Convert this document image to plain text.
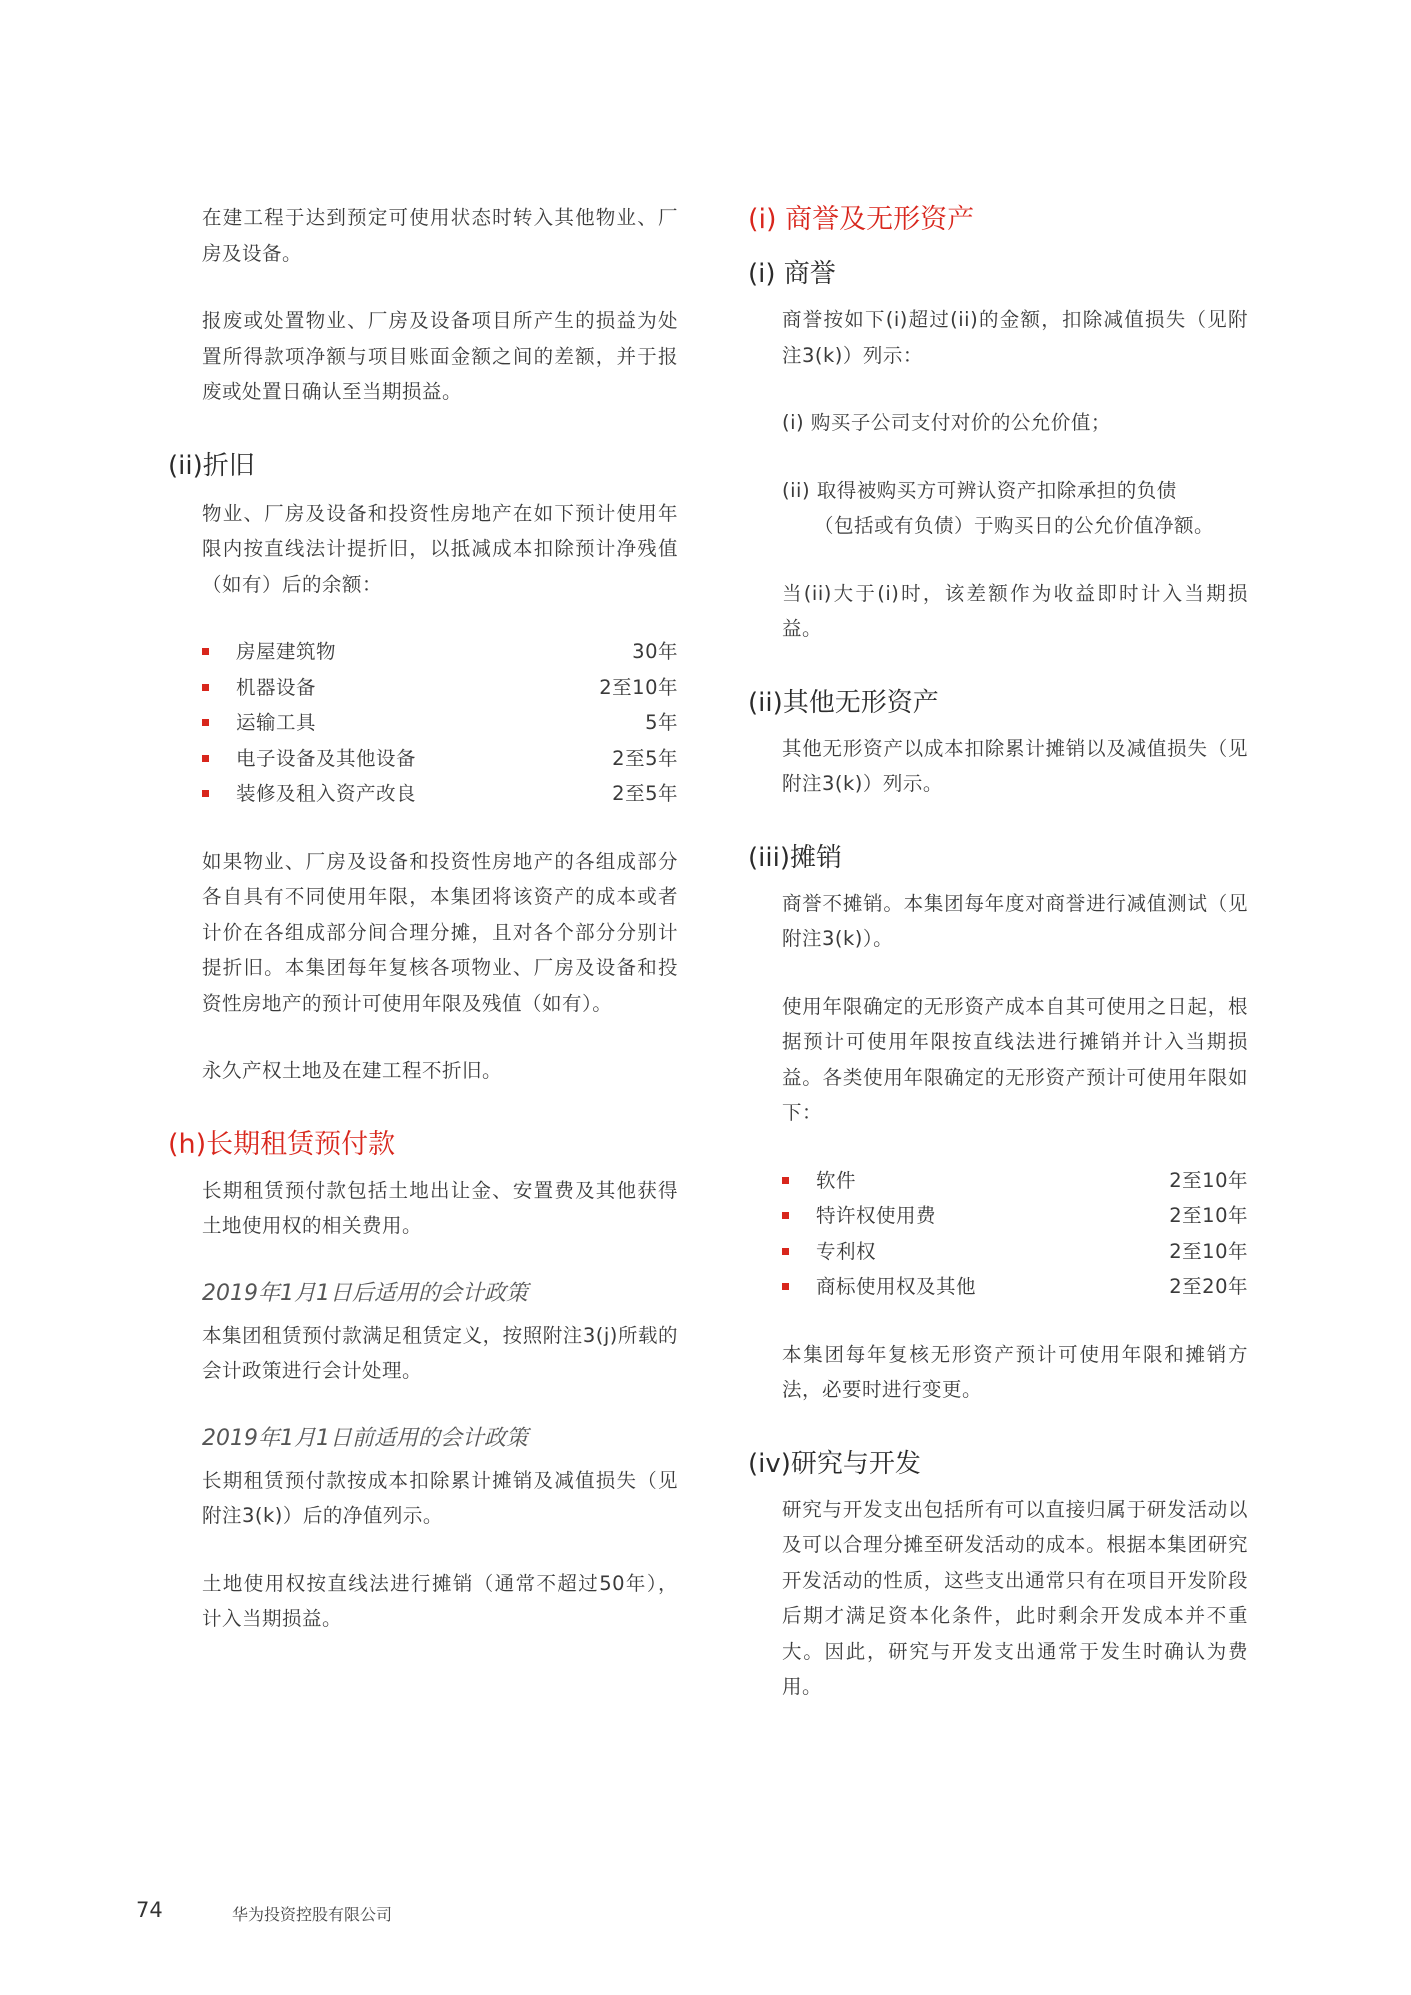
在建工程于达到预定可使用状态时转入其他物业、厂房及设备。

报废或处置物业、厂房及设备项目所产生的损益为处置所得款项净额与项目账面金额之间的差额，并于报废或处置日确认至当期损益。

(ii)折旧

物业、厂房及设备和投资性房地产在如下预计使用年限内按直线法计提折旧，以抵减成本扣除预计净残值（如有）后的余额：

房屋建筑物	30年
机器设备	2至10年
运输工具	5年
电子设备及其他设备	2至5年
装修及租入资产改良	2至5年

如果物业、厂房及设备和投资性房地产的各组成部分各自具有不同使用年限，本集团将该资产的成本或者计价在各组成部分间合理分摊，且对各个部分分别计提折旧。本集团每年复核各项物业、厂房及设备和投资性房地产的预计可使用年限及残值（如有）。

永久产权土地及在建工程不折旧。

(h)长期租赁预付款

长期租赁预付款包括土地出让金、安置费及其他获得土地使用权的相关费用。

2019年1月1日后适用的会计政策

本集团租赁预付款满足租赁定义，按照附注3(j)所载的会计政策进行会计处理。

2019年1月1日前适用的会计政策

长期租赁预付款按成本扣除累计摊销及减值损失（见附注3(k)）后的净值列示。

土地使用权按直线法进行摊销（通常不超过50年），计入当期损益。

(i) 商誉及无形资产
(i) 商誉

商誉按如下(i)超过(ii)的金额，扣除减值损失（见附注3(k)）列示：

(i) 购买子公司支付对价的公允价值；

(ii) 取得被购买方可辨认资产扣除承担的负债

（包括或有负债）于购买日的公允价值净额。

当(ii)大于(i)时，该差额作为收益即时计入当期损益。

(ii)其他无形资产

其他无形资产以成本扣除累计摊销以及减值损失（见附注3(k)）列示。

(iii)摊销

商誉不摊销。本集团每年度对商誉进行减值测试（见附注3(k)）。

使用年限确定的无形资产成本自其可使用之日起，根据预计可使用年限按直线法进行摊销并计入当期损益。各类使用年限确定的无形资产预计可使用年限如下：

软件	2至10年
特许权使用费	2至10年
专利权	2至10年
商标使用权及其他	2至20年

本集团每年复核无形资产预计可使用年限和摊销方法，必要时进行变更。

(iv)研究与开发

研究与开发支出包括所有可以直接归属于研发活动以及可以合理分摊至研发活动的成本。根据本集团研究开发活动的性质，这些支出通常只有在项目开发阶段后期才满足资本化条件，此时剩余开发成本并不重大。因此，研究与开发支出通常于发生时确认为费用。

74	华为投资控股有限公司
